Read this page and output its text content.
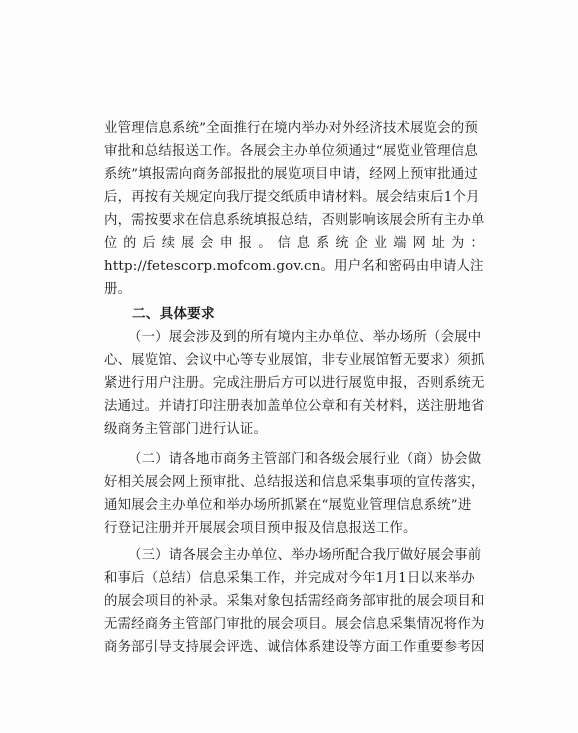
业管理信息系统”全面推行在境内举办对外经济技术展览会的预
审批和总结报送工作。各展会主办单位须通过“展览业管理信息
系统”填报需向商务部报批的展览项目申请，经网上预审批通过
后，再按有关规定向我厅提交纸质申请材料。展会结束后1个月
内，需按要求在信息系统填报总结，否则影响该展会所有主办单
位的后续展会申报。信息系统企业端网址为：
http://fetescorp.mofcom.gov.cn。用户名和密码由申请人注
册。
二、具体要求
（一）展会涉及到的所有境内主办单位、举办场所（会展中
心、展览馆、会议中心等专业展馆，非专业展馆暂无要求）须抓
紧进行用户注册。完成注册后方可以进行展览申报，否则系统无
法通过。并请打印注册表加盖单位公章和有关材料，送注册地省
级商务主管部门进行认证。
（二）请各地市商务主管部门和各级会展行业（商）协会做
好相关展会网上预审批、总结报送和信息采集事项的宣传落实，
通知展会主办单位和举办场所抓紧在“展览业管理信息系统”进
行登记注册并开展展会项目预申报及信息报送工作。
（三）请各展会主办单位、举办场所配合我厅做好展会事前
和事后（总结）信息采集工作，并完成对今年1月1日以来举办
的展会项目的补录。采集对象包括需经商务部审批的展会项目和
无需经商务主管部门审批的展会项目。展会信息采集情况将作为
商务部引导支持展会评选、诚信体系建设等方面工作重要参考因
